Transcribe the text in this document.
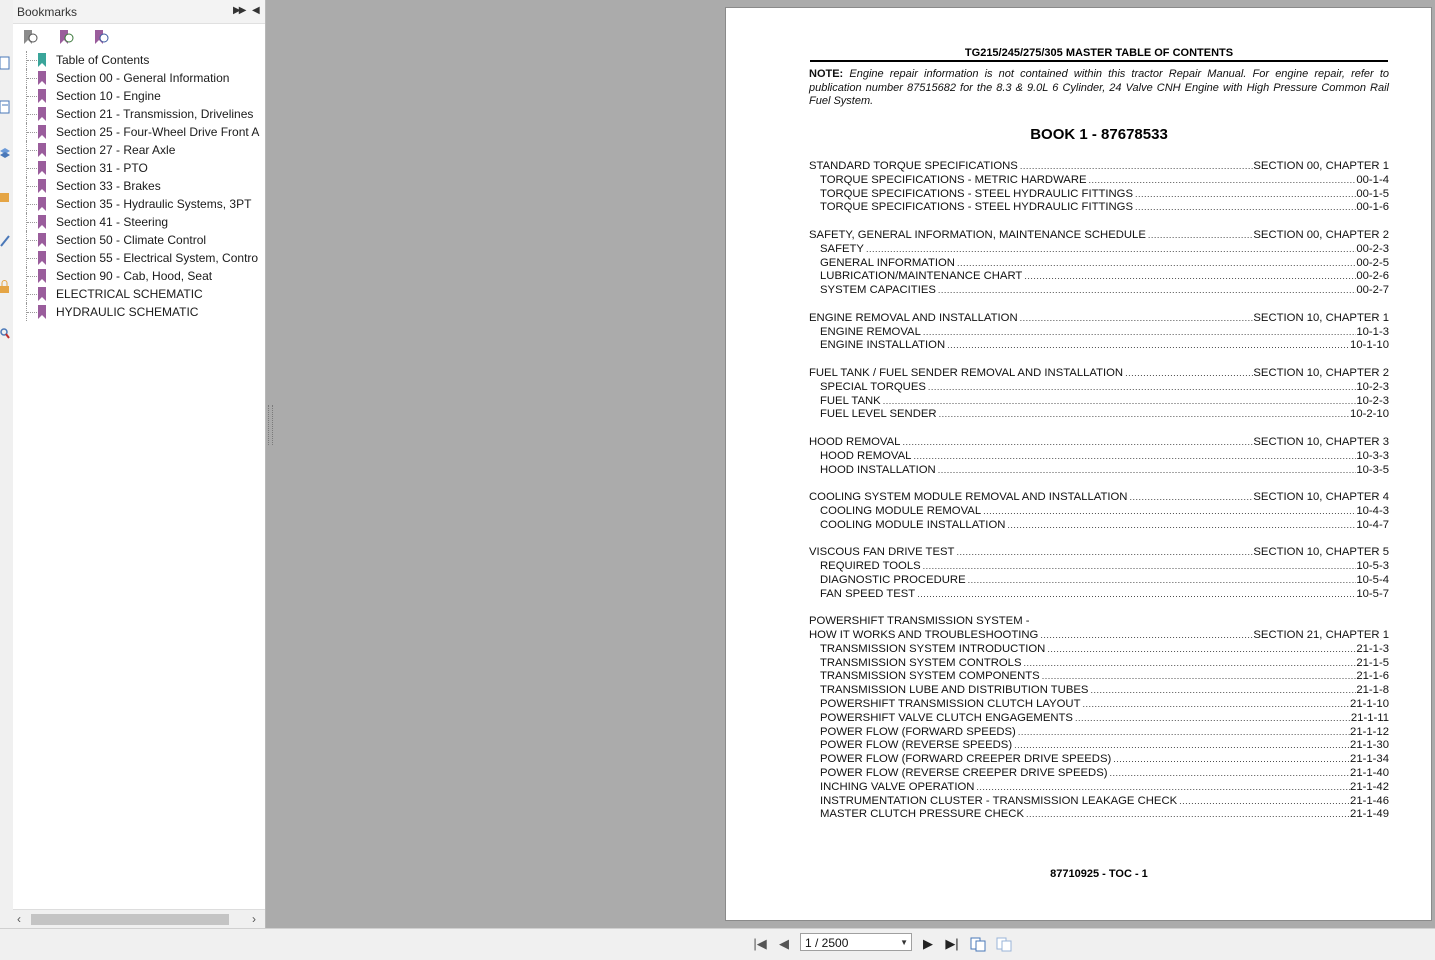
Bookmarks	▶▶ ◀
Table of Contents
Section 00 - General Information
Section 10 - Engine
Section 21 - Transmission, Drivelines
Section 25 - Four-Wheel Drive Front A
Section 27 - Rear Axle
Section 31 - PTO
Section 33 - Brakes
Section 35 - Hydraulic Systems, 3PT
Section 41 - Steering
Section 50 - Climate Control
Section 55 - Electrical System, Contro
Section 90 - Cab, Hood, Seat
ELECTRICAL SCHEMATIC
HYDRAULIC SCHEMATIC
‹	›
TG215/245/275/305 MASTER TABLE OF CONTENTS
NOTE: Engine repair information is not contained within this tractor Repair Manual. For engine repair, refer to publication number 87515682 for the 8.3 & 9.0L 6 Cylinder, 24 Valve CNH Engine with High Pressure Common Rail Fuel System.
BOOK 1 - 87678533
STANDARD TORQUE SPECIFICATIONS .....	SECTION 00, CHAPTER 1
TORQUE SPECIFICATIONS - METRIC HARDWARE .....	00-1-4
TORQUE SPECIFICATIONS - STEEL HYDRAULIC FITTINGS .....	00-1-5
TORQUE SPECIFICATIONS - STEEL HYDRAULIC FITTINGS .....	00-1-6
SAFETY, GENERAL INFORMATION, MAINTENANCE SCHEDULE .....	SECTION 00, CHAPTER 2
SAFETY .....	00-2-3
GENERAL INFORMATION .....	00-2-5
LUBRICATION/MAINTENANCE CHART .....	00-2-6
SYSTEM CAPACITIES .....	00-2-7
ENGINE REMOVAL AND INSTALLATION .....	SECTION 10, CHAPTER 1
ENGINE REMOVAL .....	10-1-3
ENGINE INSTALLATION .....	10-1-10
FUEL TANK / FUEL SENDER REMOVAL AND INSTALLATION .....	SECTION 10, CHAPTER 2
SPECIAL TORQUES .....	10-2-3
FUEL TANK .....	10-2-3
FUEL LEVEL SENDER .....	10-2-10
HOOD REMOVAL .....	SECTION 10, CHAPTER 3
HOOD REMOVAL .....	10-3-3
HOOD INSTALLATION .....	10-3-5
COOLING SYSTEM MODULE REMOVAL AND INSTALLATION .....	SECTION 10, CHAPTER 4
COOLING MODULE REMOVAL .....	10-4-3
COOLING MODULE INSTALLATION .....	10-4-7
VISCOUS FAN DRIVE TEST .....	SECTION 10, CHAPTER 5
REQUIRED TOOLS .....	10-5-3
DIAGNOSTIC PROCEDURE .....	10-5-4
FAN SPEED TEST .....	10-5-7
POWERSHIFT TRANSMISSION SYSTEM -
HOW IT WORKS AND TROUBLESHOOTING .....	SECTION 21, CHAPTER 1
TRANSMISSION SYSTEM INTRODUCTION .....	21-1-3
TRANSMISSION SYSTEM CONTROLS .....	21-1-5
TRANSMISSION SYSTEM COMPONENTS .....	21-1-6
TRANSMISSION LUBE AND DISTRIBUTION TUBES .....	21-1-8
POWERSHIFT TRANSMISSION CLUTCH LAYOUT .....	21-1-10
POWERSHIFT VALVE CLUTCH ENGAGEMENTS .....	21-1-11
POWER FLOW (FORWARD SPEEDS) .....	21-1-12
POWER FLOW (REVERSE SPEEDS) .....	21-1-30
POWER FLOW (FORWARD CREEPER DRIVE SPEEDS) .....	21-1-34
POWER FLOW (REVERSE CREEPER DRIVE SPEEDS) .....	21-1-40
INCHING VALVE OPERATION .....	21-1-42
INSTRUMENTATION CLUSTER - TRANSMISSION LEAKAGE CHECK .....	21-1-46
MASTER CLUTCH PRESSURE CHECK .....	21-1-49
87710925 - TOC - 1
|◀ ◀	1 / 2500	▼ ▶ ▶|
